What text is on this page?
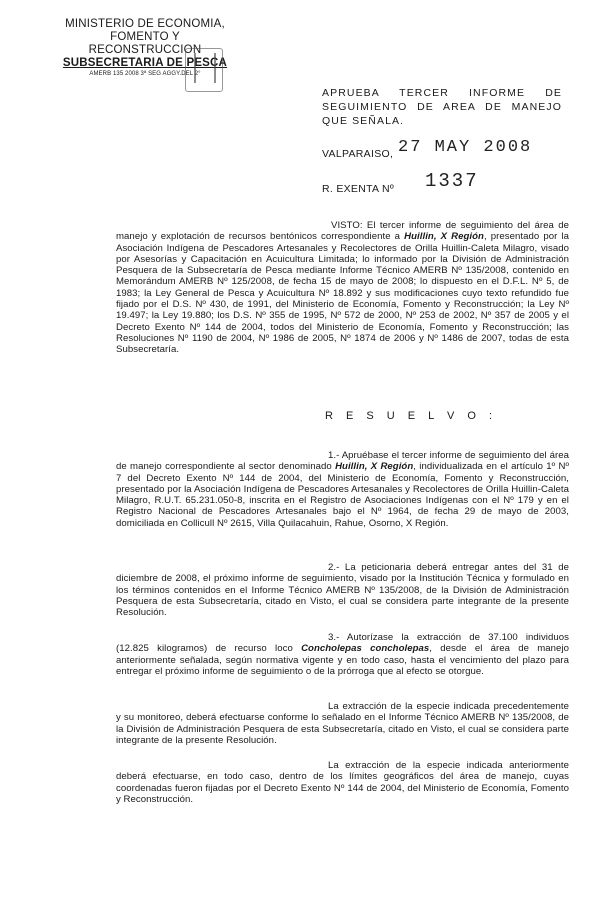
MINISTERIO DE ECONOMIA,
FOMENTO Y RECONSTRUCCION
SUBSECRETARIA DE PESCA
AMERB 135 2008 3ª SEG AGGY.DEL 2°
APRUEBA TERCER INFORME DE SEGUIMIENTO DE AREA DE MANEJO QUE SEÑALA.
VALPARAISO, 27 MAY 2008
R. EXENTA Nº 1337
VISTO: El tercer informe de seguimiento del área de manejo y explotación de recursos bentónicos correspondiente a Huillin, X Región, presentado por la Asociación Indígena de Pescadores Artesanales y Recolectores de Orilla Huillin-Caleta Milagro, visado por Asesorías y Capacitación en Acuicultura Limitada; lo informado por la División de Administración Pesquera de la Subsecretaría de Pesca mediante Informe Técnico AMERB Nº 135/2008, contenido en Memorándum AMERB Nº 125/2008, de fecha 15 de mayo de 2008; lo dispuesto en el D.F.L. Nº 5, de 1983; la Ley General de Pesca y Acuicultura Nº 18.892 y sus modificaciones cuyo texto refundido fue fijado por el D.S. Nº 430, de 1991, del Ministerio de Economía, Fomento y Reconstrucción; la Ley Nº 19.497; la Ley 19.880; los D.S. Nº 355 de 1995, Nº 572 de 2000, Nº 253 de 2002, Nº 357 de 2005 y el Decreto Exento Nº 144 de 2004, todos del Ministerio de Economía, Fomento y Reconstrucción; las Resoluciones Nº 1190 de 2004, Nº 1986 de 2005, Nº 1874 de 2006 y Nº 1486 de 2007, todas de esta Subsecretaría.
R E S U E L V O :
1.- Apruébase el tercer informe de seguimiento del área de manejo correspondiente al sector denominado Huillin, X Región, individualizada en el artículo 1º Nº 7 del Decreto Exento Nº 144 de 2004, del Ministerio de Economía, Fomento y Reconstrucción, presentado por la Asociación Indígena de Pescadores Artesanales y Recolectores de Orilla Huillin-Caleta Milagro, R.U.T. 65.231.050-8, inscrita en el Registro de Asociaciones Indígenas con el Nº 179 y en el Registro Nacional de Pescadores Artesanales bajo el Nº 1964, de fecha 29 de mayo de 2003, domiciliada en Collicull Nº 2615, Villa Quilacahuin, Rahue, Osorno, X Región.
2.- La peticionaria deberá entregar antes del 31 de diciembre de 2008, el próximo informe de seguimiento, visado por la Institución Técnica y formulado en los términos contenidos en el Informe Técnico AMERB Nº 135/2008, de la División de Administración Pesquera de esta Subsecretaría, citado en Visto, el cual se considera parte integrante de la presente Resolución.
3.- Autorízase la extracción de 37.100 individuos (12.825 kilogramos) de recurso loco Concholepas concholepas, desde el área de manejo anteriormente señalada, según normativa vigente y en todo caso, hasta el vencimiento del plazo para entregar el próximo informe de seguimiento o de la prórroga que al efecto se otorgue.
La extracción de la especie indicada precedentemente y su monitoreo, deberá efectuarse conforme lo señalado en el Informe Técnico AMERB Nº 135/2008, de la División de Administración Pesquera de esta Subsecretaría, citado en Visto, el cual se considera parte integrante de la presente Resolución.
La extracción de la especie indicada anteriormente deberá efectuarse, en todo caso, dentro de los límites geográficos del área de manejo, cuyas coordenadas fueron fijadas por el Decreto Exento Nº 144 de 2004, del Ministerio de Economía, Fomento y Reconstrucción.
